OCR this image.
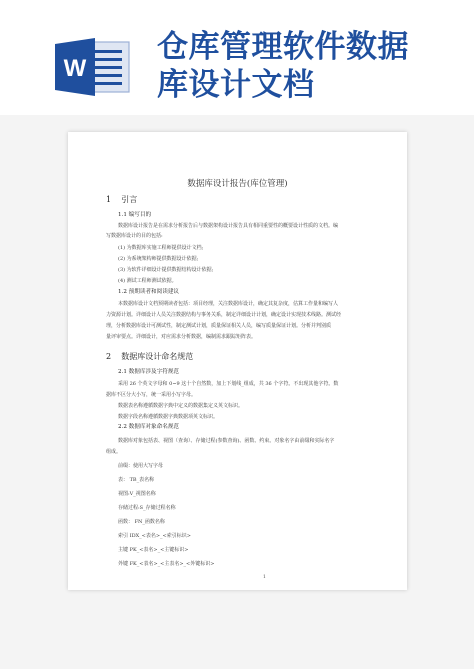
W
仓库管理软件数据
库设计文档
数据库设计报告(库位管理)
1 引言
1.1 编写目的
数据库设计报告是在需求分析报告后与数据架构设计报告具有相同重要性的概要设计性质的文档。编
写数据库设计的目的包括:
(1) 为数据库实施工程师提供设计文档;
(2) 为系统架构师提供数据设计依据;
(3) 为软件详细设计提供数据结构设计依据;
(4) 测试工程师测试依据。
1.2 预期读者和阅读建议
本数据库设计文档预期读者包括：项目经理，关注数据库设计，确定其复杂度，估算工作量和编写人
力资源计划。详细设计人员关注数据结构与事务关系，制定详细设计计划，确定设计实现技术线路。测试经
理，分析数据库设计可测试性，制定测试计划，质量保证相关人员，编写质量保证计划。分析并判别质
量评审要点。详细设计，对应需求分析数据，编制需求跟踪矩阵表。
2 数据库设计命名规范
2.1 数据库涉及字符规范
采用 26 个英文字母和 0~9 这十个自然数，加上下划线_组成，共 36 个字符。不出现其他字符。数
据库不区分大小写，统一采用小写字母。
数据表名称遵循数据字典中定义的数据集定义英文标识。
数据字段名称遵循数据字典数据项英文标识。
2.2 数据库对象命名规范
数据库对象包括表、视图（查询）、存储过程(参数查询)、函数、约束。对象名字由前缀和实际名字
组成。
前缀：使用大写字母
表： TB_表名称
视图:V_视图名称
存储过程:S_存储过程名称
函数： FN_函数名称
索引 IDX_<表名>_<索引标识>
主键 PK_<表名>_<主键标识>
外键 FK_<表名>_<主表名>_<外键标识>
1
